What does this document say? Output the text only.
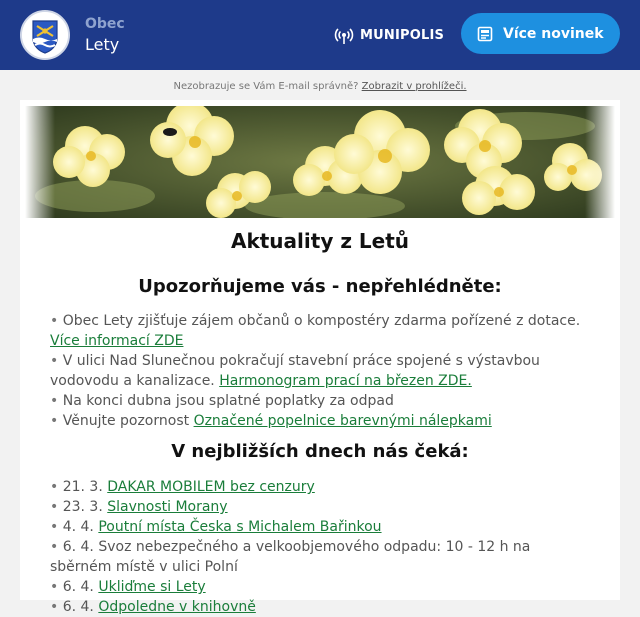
Obec
Lety	MUNIPOLIS	Více novinek
Nezobrazuje se Vám E-mail správně? Zobrazit v prohlížeči.
Aktuality z Letů
Upozorňujeme vás - nepřehlédněte:
• Obec Lety zjišťuje zájem občanů o kompostéry zdarma pořízené z dotace. Více informací ZDE
• V ulici Nad Slunečnou pokračují stavební práce spojené s výstavbou vodovodu a kanalizace. Harmonogram prací na březen ZDE.
• Na konci dubna jsou splatné poplatky za odpad
• Věnujte pozornost Označené popelnice barevnými nálepkami
V nejbližších dnech nás čeká:
• 21. 3. DAKAR MOBILEM bez cenzury
• 23. 3. Slavnosti Morany
• 4. 4. Poutní místa Česka s Michalem Bařinkou
• 6. 4. Svoz nebezpečného a velkoobjemového odpadu: 10 - 12 h na sběrném místě v ulici Polní
• 6. 4. Ukliďme si Lety
• 6. 4. Odpoledne v knihovně
